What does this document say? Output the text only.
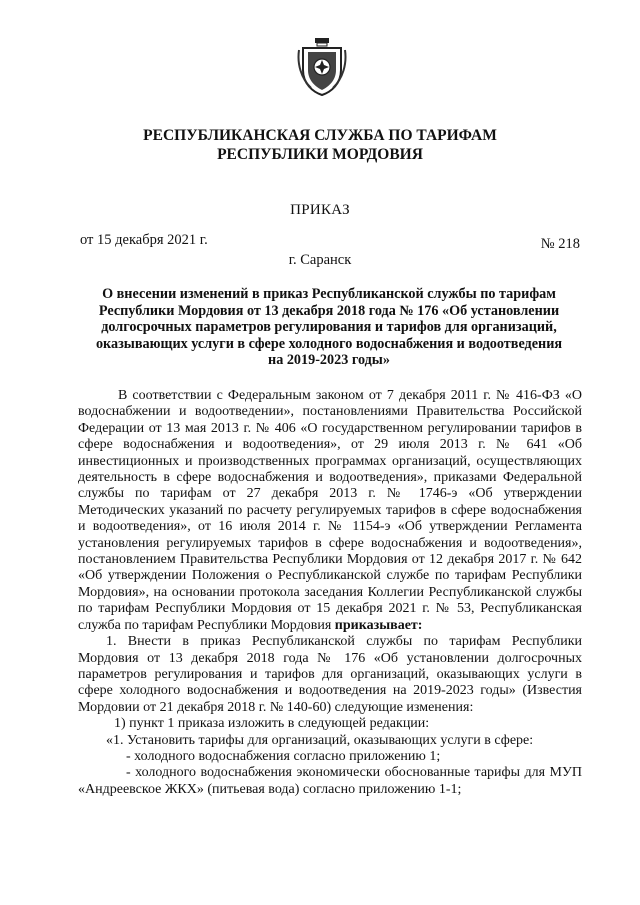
РЕСПУБЛИКАНСКАЯ СЛУЖБА ПО ТАРИФАМ
РЕСПУБЛИКИ МОРДОВИЯ
ПРИКАЗ
от 15 декабря 2021 г.	№ 218
г. Саранск
О внесении изменений в приказ Республиканской службы по тарифам
Республики Мордовия от 13 декабря 2018 года № 176 «Об установлении
долгосрочных параметров регулирования и тарифов для организаций,
оказывающих услуги в сфере холодного водоснабжения и водоотведения
на 2019-2023 годы»

В соответствии с Федеральным законом от 7 декабря 2011 г. № 416-ФЗ «О водоснабжении и водоотведении», постановлениями Правительства Российской Федерации от 13 мая 2013 г. № 406 «О государственном регулировании тарифов в сфере водоснабжения и водоотведения», от 29 июля 2013 г. № 641 «Об инвестиционных и производственных программах организаций, осуществляющих деятельность в сфере водоснабжения и водоотведения», приказами Федеральной службы по тарифам от 27 декабря 2013 г. № 1746-э «Об утверждении Методических указаний по расчету регулируемых тарифов в сфере водоснабжения и водоотведения», от 16 июля 2014 г. № 1154-э «Об утверждении Регламента установления регулируемых тарифов в сфере водоснабжения и водоотведения», постановлением Правительства Республики Мордовия от 12 декабря 2017 г. № 642 «Об утверждении Положения о Республиканской службе по тарифам Республики Мордовия», на основании протокола заседания Коллегии Республиканской службы по тарифам Республики Мордовия от 15 декабря 2021 г. № 53, Республиканская служба по тарифам Республики Мордовия приказывает:

1. Внести в приказ Республиканской службы по тарифам Республики Мордовия от 13 декабря 2018 года № 176 «Об установлении долгосрочных параметров регулирования и тарифов для организаций, оказывающих услуги в сфере холодного водоснабжения и водоотведения на 2019-2023 годы» (Известия Мордовии от 21 декабря 2018 г. № 140-60) следующие изменения:

1) пункт 1 приказа изложить в следующей редакции:

«1. Установить тарифы для организаций, оказывающих услуги в сфере:

- холодного водоснабжения согласно приложению 1;

- холодного водоснабжения экономически обоснованные тарифы для МУП «Андреевское ЖКХ» (питьевая вода) согласно приложению 1-1;
